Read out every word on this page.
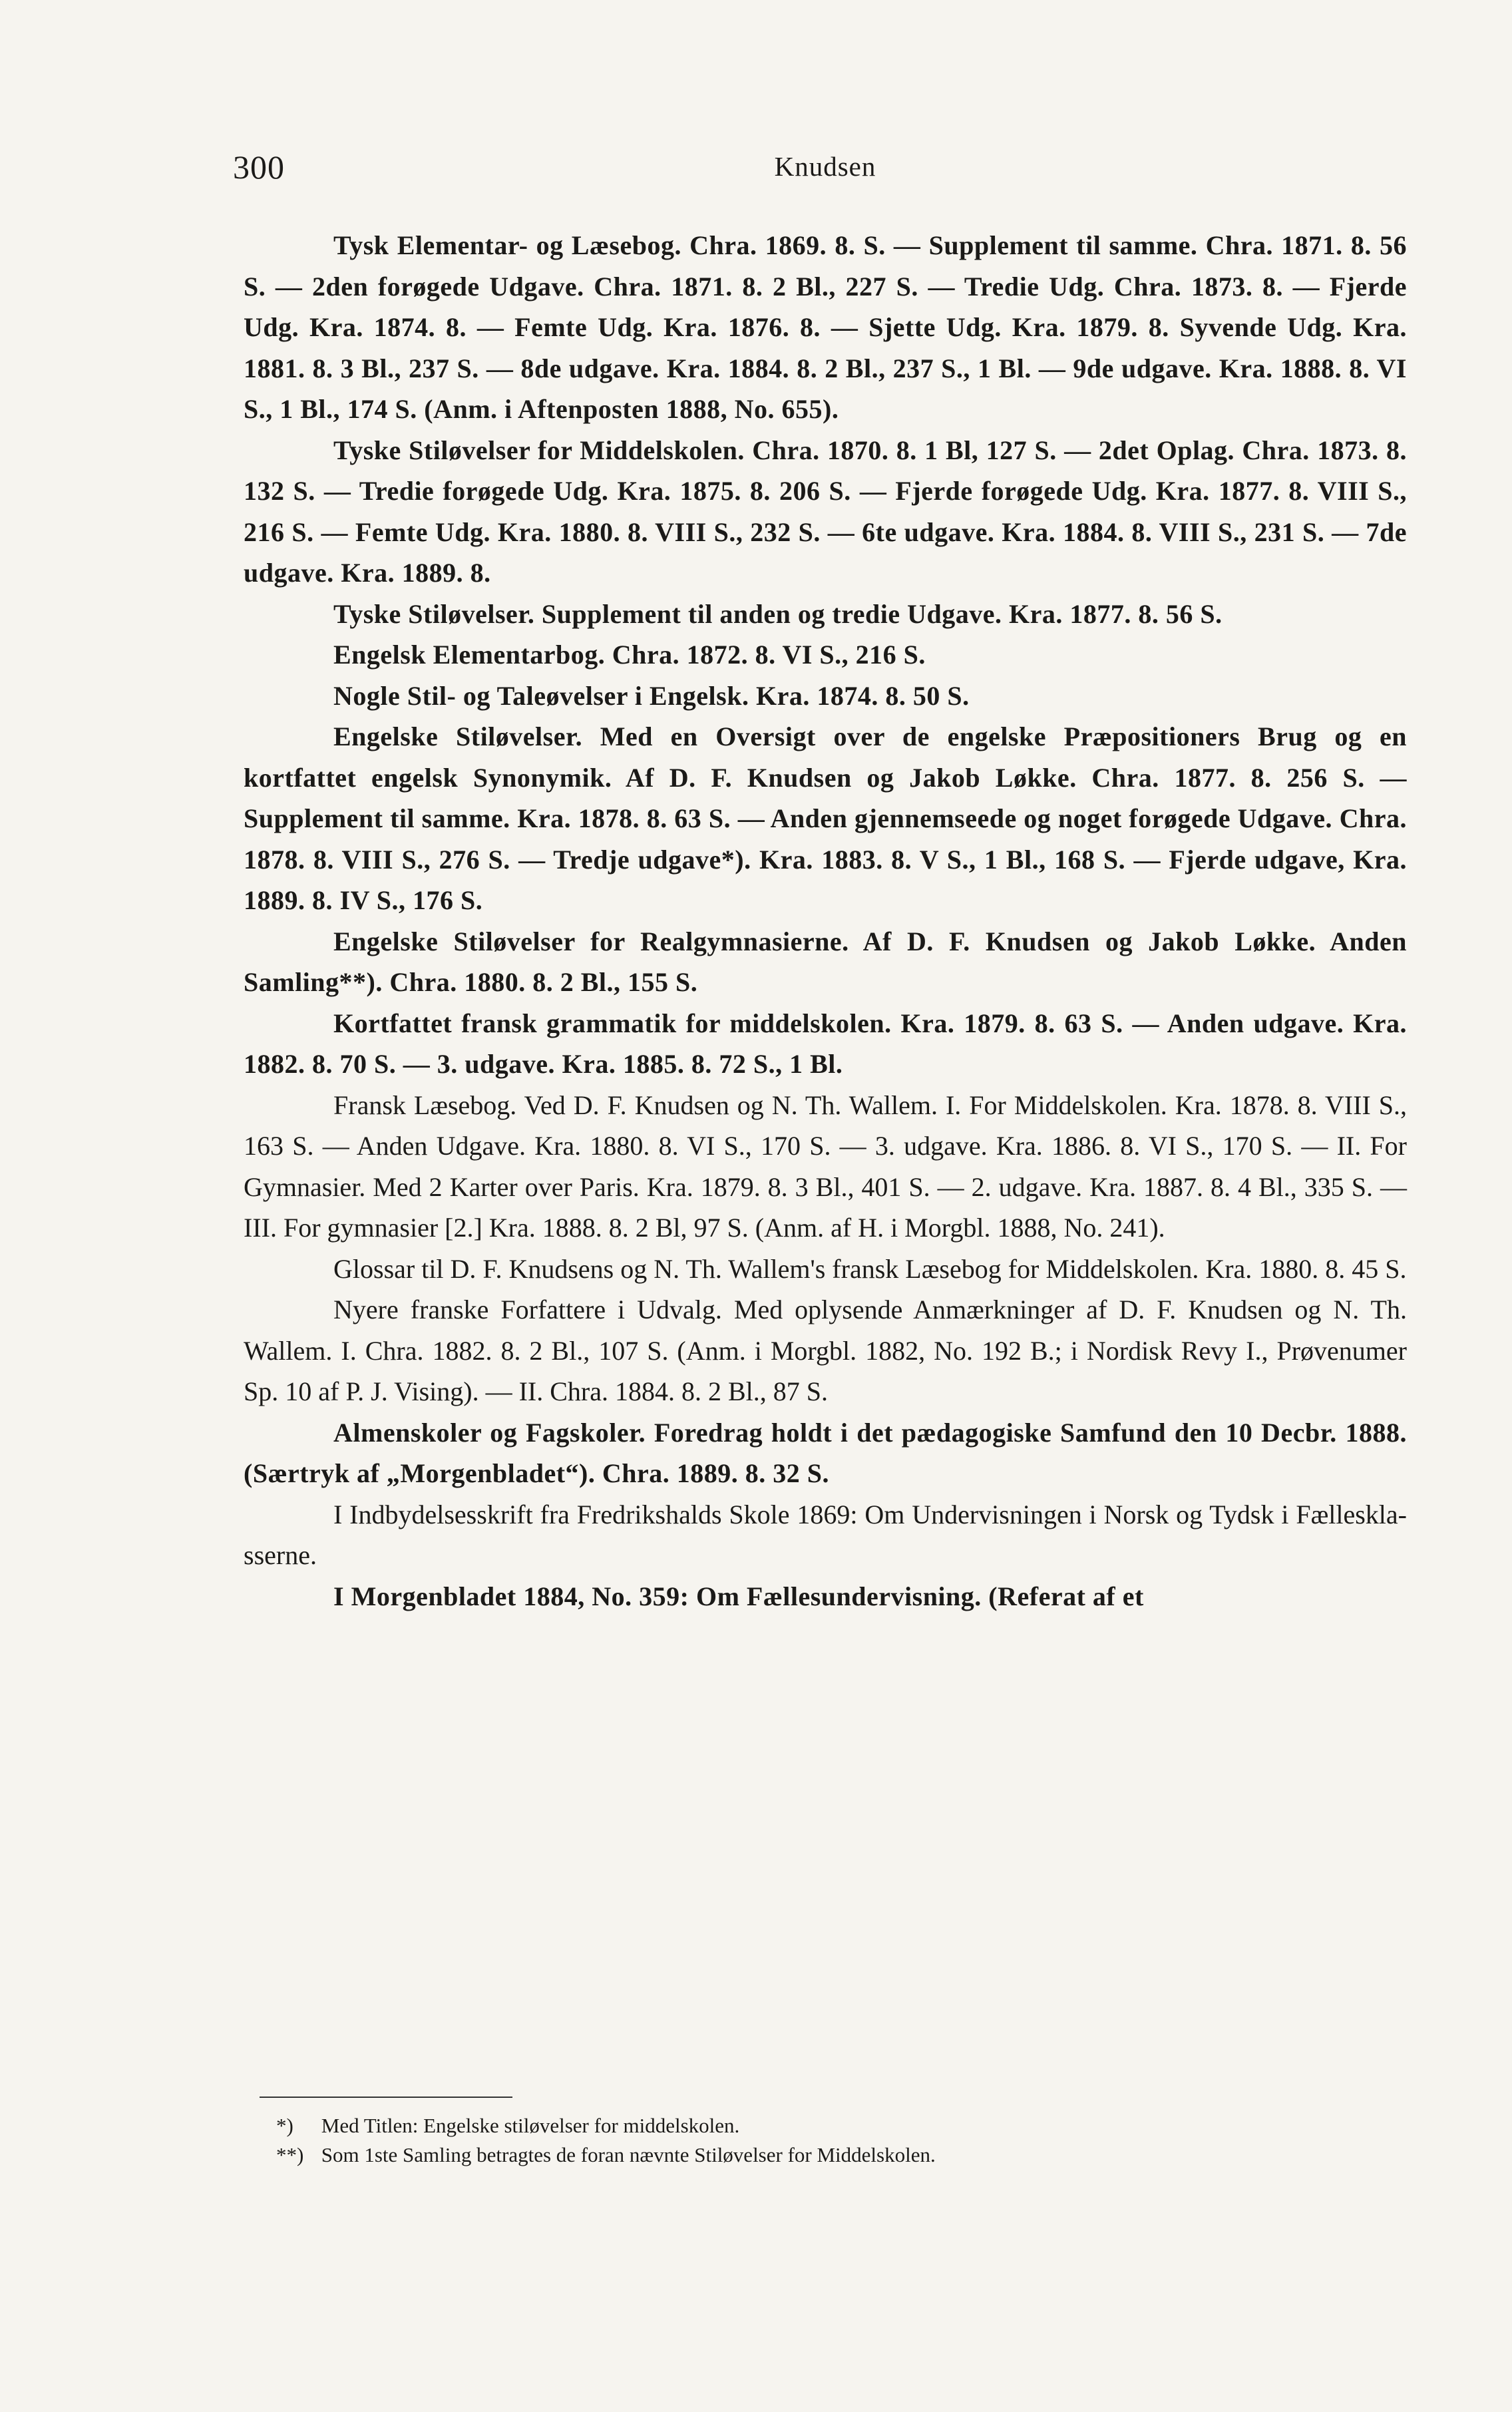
300	Knudsen

Tysk Elementar- og Læsebog. Chra. 1869. 8. S. — Supplement til samme. Chra. 1871. 8. 56 S. — 2den forøgede Udgave. Chra. 1871. 8. 2 Bl., 227 S. — Tredie Udg. Chra. 1873. 8. — Fjerde Udg. Kra. 1874. 8. — Femte Udg. Kra. 1876. 8. — Sjette Udg. Kra. 1879. 8. Syvende Udg. Kra. 1881. 8. 3 Bl., 237 S. — 8de udgave. Kra. 1884. 8. 2 Bl., 237 S., 1 Bl. — 9de udgave. Kra. 1888. 8. VI S., 1 Bl., 174 S. (Anm. i Aftenposten 1888, No. 655).

Tyske Stiløvelser for Middelskolen. Chra. 1870. 8. 1 Bl, 127 S. — 2det Oplag. Chra. 1873. 8. 132 S. — Tredie forøgede Udg. Kra. 1875. 8. 206 S. — Fjerde forøgede Udg. Kra. 1877. 8. VIII S., 216 S. — Femte Udg. Kra. 1880. 8. VIII S., 232 S. — 6te udgave. Kra. 1884. 8. VIII S., 231 S. — 7de udgave. Kra. 1889. 8.

Tyske Stiløvelser. Supplement til anden og tredie Udgave. Kra. 1877. 8. 56 S.

Engelsk Elementarbog. Chra. 1872. 8. VI S., 216 S.

Nogle Stil- og Taleøvelser i Engelsk. Kra. 1874. 8. 50 S.

Engelske Stiløvelser. Med en Oversigt over de engelske Præpositioners Brug og en kortfattet engelsk Synonymik. Af D. F. Knudsen og Jakob Løkke. Chra. 1877. 8. 256 S. — Supplement til samme. Kra. 1878. 8. 63 S. — Anden gjennemseede og noget forøgede Udgave. Chra. 1878. 8. VIII S., 276 S. — Tredje udgave*). Kra. 1883. 8. V S., 1 Bl., 168 S. — Fjerde udgave, Kra. 1889. 8. IV S., 176 S.

Engelske Stiløvelser for Realgymnasierne. Af D. F. Knudsen og Jakob Løkke. Anden Samling**). Chra. 1880. 8. 2 Bl., 155 S.

Kortfattet fransk grammatik for middelskolen. Kra. 1879. 8. 63 S. — Anden udgave. Kra. 1882. 8. 70 S. — 3. udgave. Kra. 1885. 8. 72 S., 1 Bl.

Fransk Læsebog. Ved D. F. Knudsen og N. Th. Wallem. I. For Middelskolen. Kra. 1878. 8. VIII S., 163 S. — Anden Udgave. Kra. 1880. 8. VI S., 170 S. — 3. udgave. Kra. 1886. 8. VI S., 170 S. — II. For Gymnasier. Med 2 Karter over Paris. Kra. 1879. 8. 3 Bl., 401 S. — 2. udgave. Kra. 1887. 8. 4 Bl., 335 S. — III. For gymnasier [2.] Kra. 1888. 8. 2 Bl, 97 S. (Anm. af H. i Morgbl. 1888, No. 241).

Glossar til D. F. Knudsens og N. Th. Wallem's fransk Læsebog for Middelskolen. Kra. 1880. 8. 45 S.

Nyere franske Forfattere i Udvalg. Med oplysende Anmærkninger af D. F. Knudsen og N. Th. Wallem. I. Chra. 1882. 8. 2 Bl., 107 S. (Anm. i Morgbl. 1882, No. 192 B.; i Nordisk Revy I., Prøvenumer Sp. 10 af P. J. Vising). — II. Chra. 1884. 8. 2 Bl., 87 S.

Almenskoler og Fagskoler. Foredrag holdt i det pædagogiske Samfund den 10 Decbr. 1888. (Særtryk af „Morgenbladet“). Chra. 1889. 8. 32 S.

I Indbydelsesskrift fra Fredrikshalds Skole 1869: Om Undervisningen i Norsk og Tydsk i Fællesklasserne.

I Morgenbladet 1884, No. 359: Om Fællesundervisning. (Referat af et

*) Med Titlen: Engelske stiløvelser for middelskolen.

**) Som 1ste Samling betragtes de foran nævnte Stiløvelser for Middelskolen.
